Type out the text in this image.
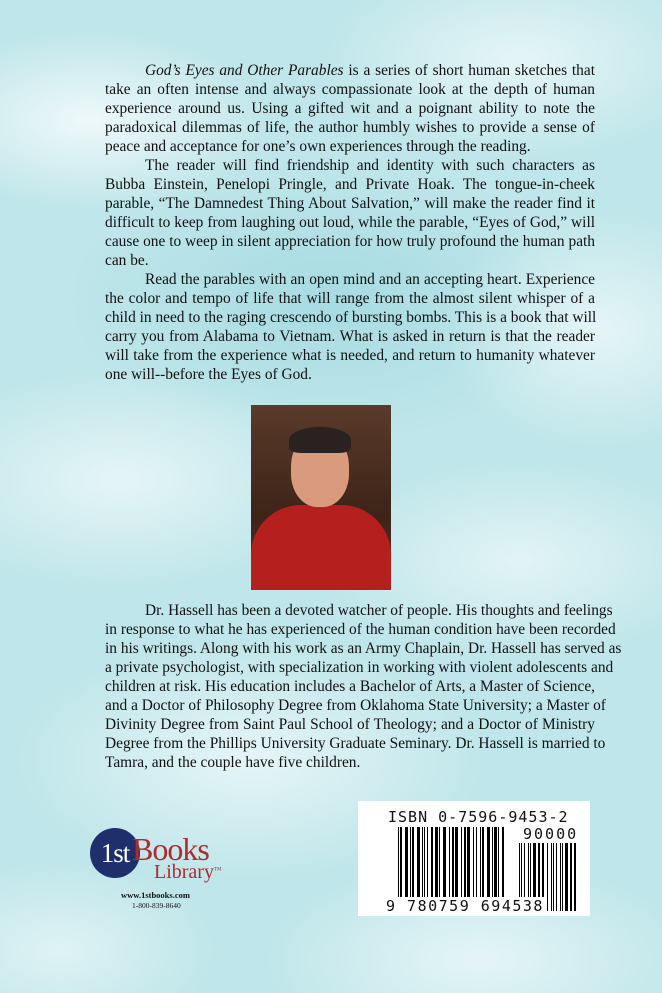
God’s Eyes and Other Parables is a series of short human sketches that
take an often intense and always compassionate look at the depth of human
experience around us. Using a gifted wit and a poignant ability to note the
paradoxical dilemmas of life, the author humbly wishes to provide a sense of
peace and acceptance for one’s own experiences through the reading.
The reader will find friendship and identity with such characters as
Bubba Einstein, Penelopi Pringle, and Private Hoak. The tongue-in-cheek
parable, “The Damnedest Thing About Salvation,” will make the reader find it
difficult to keep from laughing out loud, while the parable, “Eyes of God,” will
cause one to weep in silent appreciation for how truly profound the human path
can be.
Read the parables with an open mind and an accepting heart. Experience
the color and tempo of life that will range from the almost silent whisper of a
child in need to the raging crescendo of bursting bombs. This is a book that will
carry you from Alabama to Vietnam. What is asked in return is that the reader
will take from the experience what is needed, and return to humanity whatever
one will--before the Eyes of God.
Dr. Hassell has been a devoted watcher of people. His thoughts and feelings
in response to what he has experienced of the human condition have been recorded
in his writings. Along with his work as an Army Chaplain, Dr. Hassell has served as
a private psychologist, with specialization in working with violent adolescents and
children at risk. His education includes a Bachelor of Arts, a Master of Science,
and a Doctor of Philosophy Degree from Oklahoma State University; a Master of
Divinity Degree from Saint Paul School of Theology; and a Doctor of Ministry
Degree from the Phillips University Graduate Seminary. Dr. Hassell is married to
Tamra, and the couple have five children.
1st Books
Library™
www.1stbooks.com
1-800-839-8640
ISBN 0-7596-9453-2
90000
9 780759 694538
